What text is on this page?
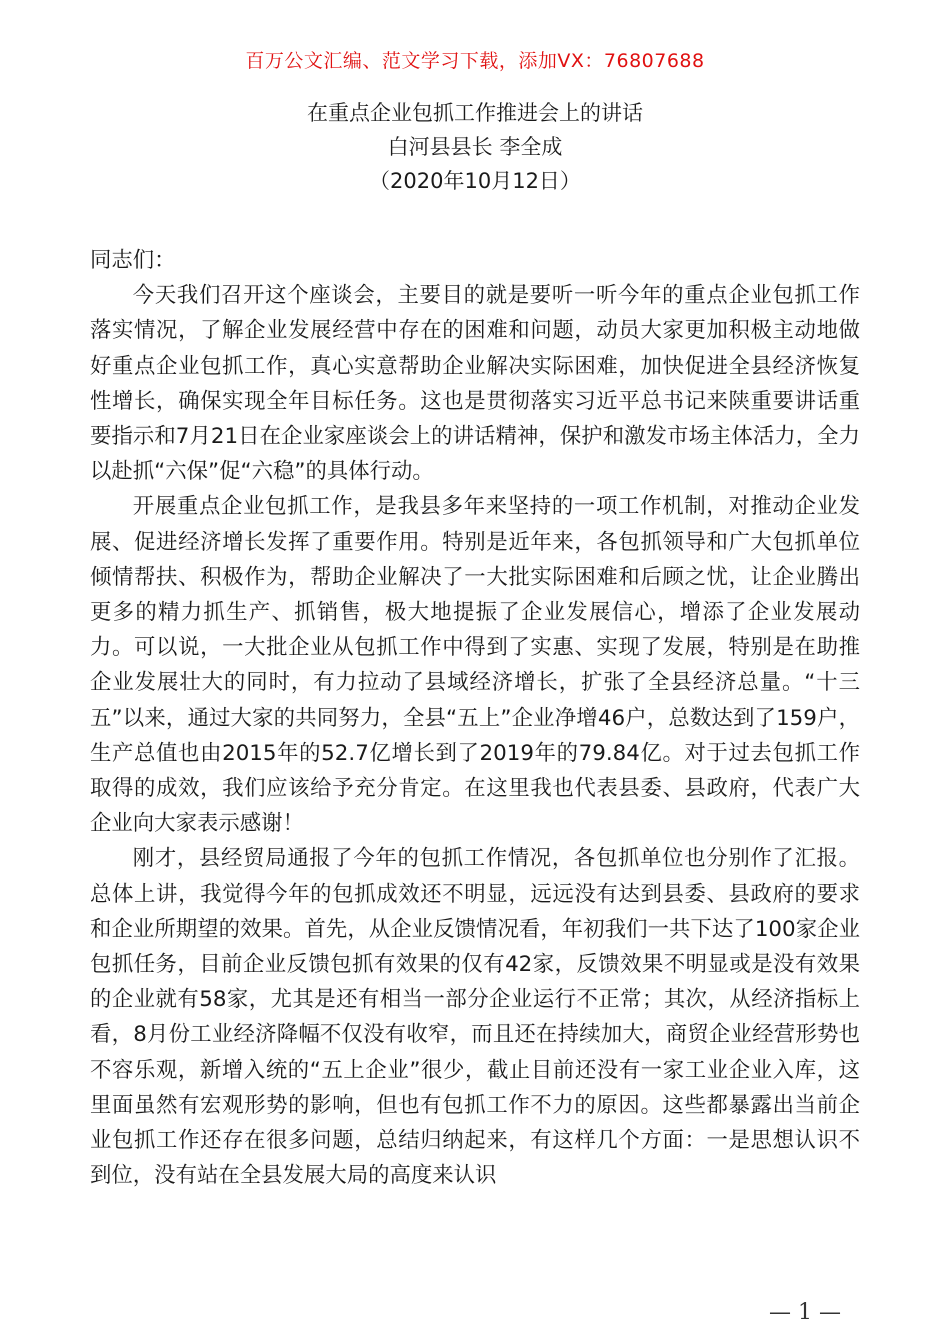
百万公文汇编、范文学习下载，添加VX：76807688
在重点企业包抓工作推进会上的讲话
白河县县长 李全成
（2020年10月12日）

同志们：

今天我们召开这个座谈会，主要目的就是要听一听今年的重点企业包抓工作落实情况，了解企业发展经营中存在的困难和问题，动员大家更加积极主动地做好重点企业包抓工作，真心实意帮助企业解决实际困难，加快促进全县经济恢复性增长，确保实现全年目标任务。这也是贯彻落实习近平总书记来陕重要讲话重要指示和7月21日在企业家座谈会上的讲话精神，保护和激发市场主体活力，全力以赴抓“六保”促“六稳”的具体行动。

开展重点企业包抓工作，是我县多年来坚持的一项工作机制，对推动企业发展、促进经济增长发挥了重要作用。特别是近年来，各包抓领导和广大包抓单位倾情帮扶、积极作为，帮助企业解决了一大批实际困难和后顾之忧，让企业腾出更多的精力抓生产、抓销售，极大地提振了企业发展信心，增添了企业发展动力。可以说，一大批企业从包抓工作中得到了实惠、实现了发展，特别是在助推企业发展壮大的同时，有力拉动了县域经济增长，扩张了全县经济总量。“十三五”以来，通过大家的共同努力，全县“五上”企业净增46户，总数达到了159户，生产总值也由2015年的52.7亿增长到了2019年的79.84亿。对于过去包抓工作取得的成效，我们应该给予充分肯定。在这里我也代表县委、县政府，代表广大企业向大家表示感谢！

刚才，县经贸局通报了今年的包抓工作情况，各包抓单位也分别作了汇报。总体上讲，我觉得今年的包抓成效还不明显，远远没有达到县委、县政府的要求和企业所期望的效果。首先，从企业反馈情况看，年初我们一共下达了100家企业包抓任务，目前企业反馈包抓有效果的仅有42家，反馈效果不明显或是没有效果的企业就有58家，尤其是还有相当一部分企业运行不正常；其次，从经济指标上看，8月份工业经济降幅不仅没有收窄，而且还在持续加大，商贸企业经营形势也不容乐观，新增入统的“五上企业”很少，截止目前还没有一家工业企业入库，这里面虽然有宏观形势的影响，但也有包抓工作不力的原因。这些都暴露出当前企业包抓工作还存在很多问题，总结归纳起来，有这样几个方面：一是思想认识不到位，没有站在全县发展大局的高度来认识

— 1 —
